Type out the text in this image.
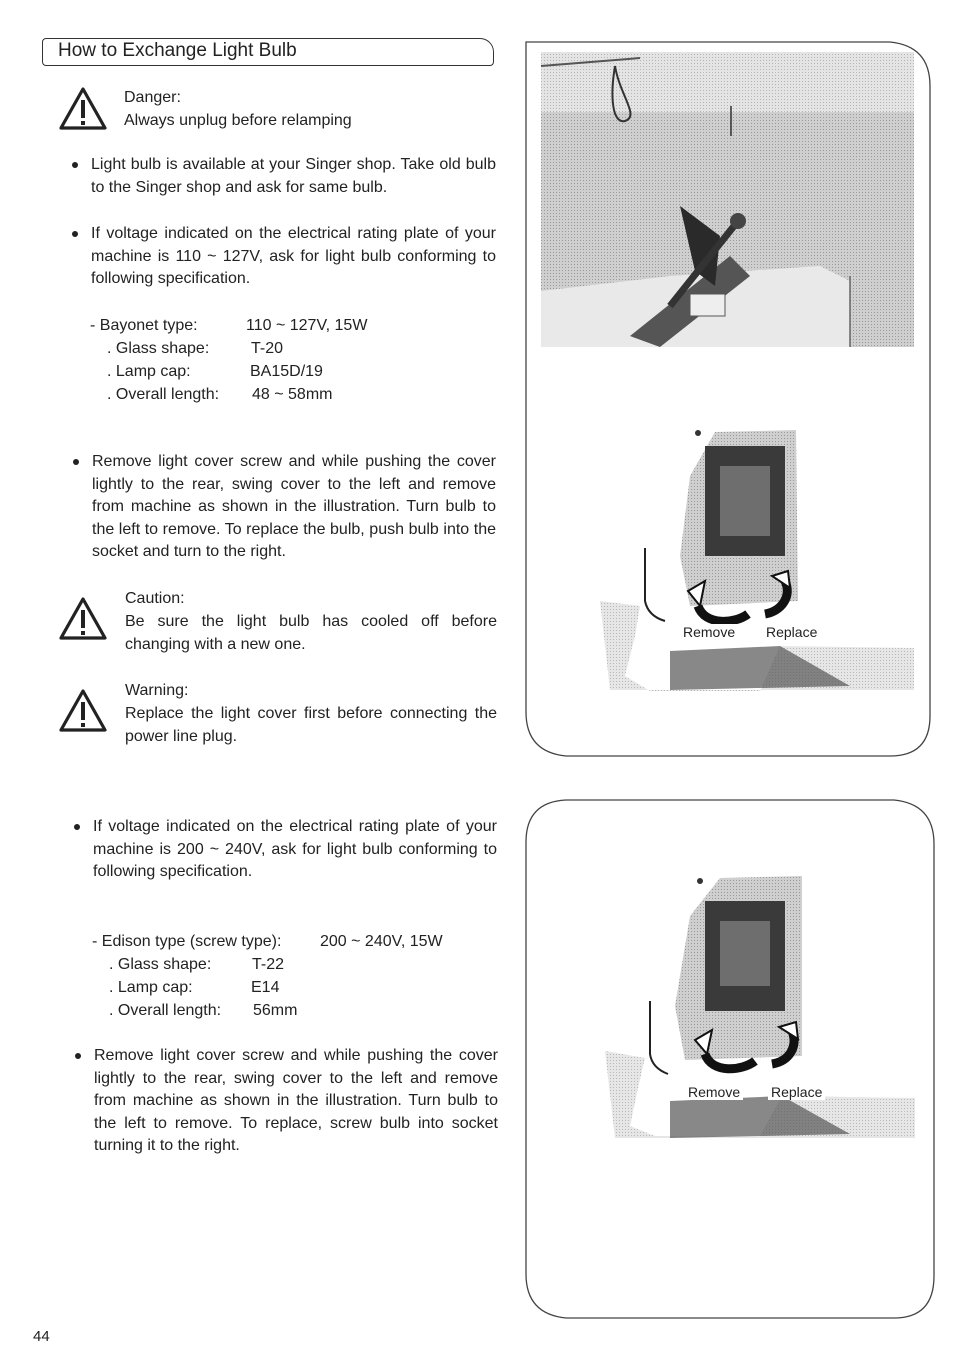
How to Exchange Light Bulb
Danger:
Always unplug before relamping
Light bulb is available at your Singer shop. Take old bulb to the Singer shop and ask for same bulb.
If voltage indicated on the electrical rating plate of your machine is 110 ~ 127V, ask for light bulb conforming to following specification.
- Bayonet type:	110 ~ 127V, 15W
. Glass shape:	T-20
. Lamp cap:	BA15D/19
. Overall length: 48 ~ 58mm
Remove light cover screw and while pushing the cover lightly to the rear, swing cover to the left and remove from machine as shown in the illustration. Turn bulb to the left to remove. To replace the bulb, push bulb into the socket and turn to the right.
Caution:
Be sure the light bulb has cooled off before changing with a new one.
Warning:
Replace the light cover first before connecting the power line plug.
If voltage indicated on the electrical rating plate of your machine is 200 ~ 240V, ask for light bulb conforming to following specification.
- Edison type (screw type): 200 ~ 240V, 15W
. Glass shape:	T-22
. Lamp cap:	E14
. Overall length: 56mm
Remove light cover screw and while pushing the cover lightly to the rear, swing cover to the left and remove from machine as shown in the illustration. Turn bulb to the left to remove. To replace, screw bulb into socket turning it to the right.
Remove Replace
Remove Replace
44
